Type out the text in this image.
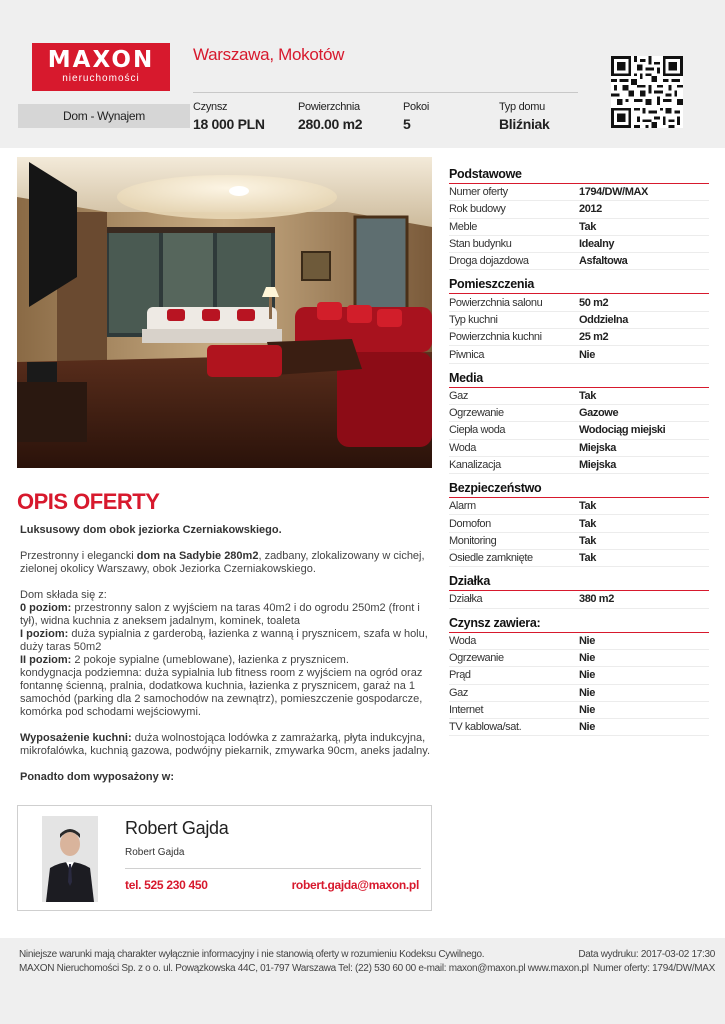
MAXON
nieruchomości
Warszawa, Mokotów
Dom - Wynajem
Czynsz
18 000 PLN
Powierzchnia
280.00 m2
Pokoi
5
Typ domu
Bliźniak
OPIS OFERTY

Luksusowy dom obok jeziorka Czerniakowskiego.

Przestronny i elegancki dom na Sadybie 280m2, zadbany, zlokalizowany w cichej, zielonej okolicy Warszawy, obok Jeziorka Czerniakowskiego.

Dom składa się z:
0 poziom: przestronny salon z wyjściem na taras 40m2 i do ogrodu 250m2 (front i tył), widna kuchnia z aneksem jadalnym, kominek, toaleta
I poziom: duża sypialnia z garderobą, łazienka z wanną i prysznicem, szafa w holu, duży taras 50m2
II poziom: 2 pokoje sypialne (umeblowane), łazienka z prysznicem.
kondygnacja podziemna: duża sypialnia lub fitness room z wyjściem na ogród oraz fontannę ścienną, pralnia, dodatkowa kuchnia, łazienka z prysznicem, garaż na 1 samochód (parking dla 2 samochodów na zewnątrz), pomieszczenie gospodarcze, komórka pod schodami wejściowymi.

Wyposażenie kuchni: duża wolnostojąca lodówka z zamrażarką, płyta indukcyjna, mikrofalówka, kuchnią gazowa, podwójny piekarnik, zmywarka 90cm, aneks jadalny.

Ponadto dom wyposażony w:

Robert Gajda
Robert Gajda
tel. 525 230 450	robert.gajda@maxon.pl
Podstawowe
Numer oferty	1794/DW/MAX
Rok budowy	2012
Meble	Tak
Stan budynku	Idealny
Droga dojazdowa	Asfaltowa
Pomieszczenia
Powierzchnia salonu	50 m2
Typ kuchni	Oddzielna
Powierzchnia kuchni	25 m2
Piwnica	Nie
Media
Gaz	Tak
Ogrzewanie	Gazowe
Ciepła woda	Wodociąg miejski
Woda	Miejska
Kanalizacja	Miejska
Bezpieczeństwo
Alarm	Tak
Domofon	Tak
Monitoring	Tak
Osiedle zamknięte	Tak
Działka
Działka	380 m2
Czynsz zawiera:
Woda	Nie
Ogrzewanie	Nie
Prąd	Nie
Gaz	Nie
Internet	Nie
TV kablowa/sat.	Nie
Niniejsze warunki mają charakter wyłącznie informacyjny i nie stanowią oferty w rozumieniu Kodeksu Cywilnego.
MAXON Nieruchomości Sp. z o o. ul. Powązkowska 44C, 01-797 Warszawa Tel: (22) 530 60 00 e-mail: maxon@maxon.pl www.maxon.pl
Data wydruku: 2017-03-02 17:30
Numer oferty: 1794/DW/MAX
